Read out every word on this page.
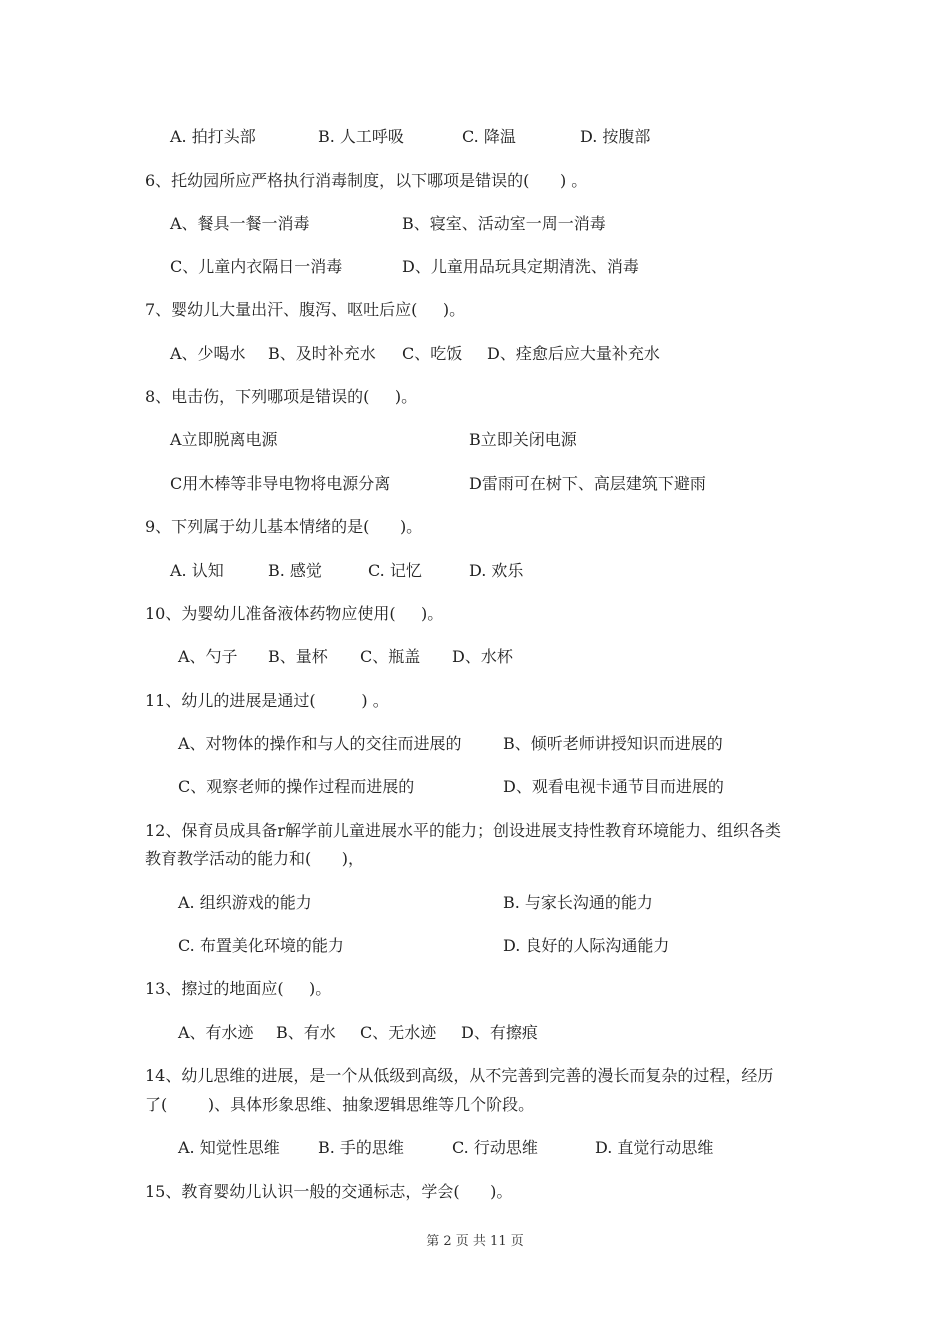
A. 拍打头部	B. 人工呼吸	C. 降温	D. 按腹部
6、托幼园所应严格执行消毒制度，以下哪项是错误的(      ) 。
A、餐具一餐一消毒	B、寝室、活动室一周一消毒
C、儿童内衣隔日一消毒	D、儿童用品玩具定期清洗、消毒
7、婴幼儿大量出汗、腹泻、呕吐后应(     )。
A、少喝水 B、及时补充水 C、吃饭 D、痊愈后应大量补充水
8、电击伤，下列哪项是错误的(     )。
A立即脱离电源	B立即关闭电源
C用木棒等非导电物将电源分离	D雷雨可在树下、高层建筑下避雨
9、下列属于幼儿基本情绪的是(      )。
A. 认知	B. 感觉	C. 记忆	D. 欢乐
10、为婴幼儿准备液体药物应使用(     )。
A、勺子 B、量杯 C、瓶盖 D、水杯
11、幼儿的进展是通过(         ) 。
A、对物体的操作和与人的交往而进展的	B、倾听老师讲授知识而进展的
C、观察老师的操作过程而进展的	D、观看电视卡通节目而进展的
12、保育员成具备r解学前儿童进展水平的能力；创设进展支持性教育环境能力、组织各类
教育教学活动的能力和(      )，
A. 组织游戏的能力	B. 与家长沟通的能力
C. 布置美化环境的能力	D. 良好的人际沟通能力
13、擦过的地面应(     )。
A、有水迹 B、有水 C、无水迹 D、有擦痕
14、幼儿思维的进展，是一个从低级到高级，从不完善到完善的漫长而复杂的过程，经历
了(        )、具体形象思维、抽象逻辑思维等几个阶段。
A. 知觉性思维 B. 手的思维	C. 行动思维	D. 直觉行动思维
15、教育婴幼儿认识一般的交通标志，学会(      )。
第 2 页 共 11 页
